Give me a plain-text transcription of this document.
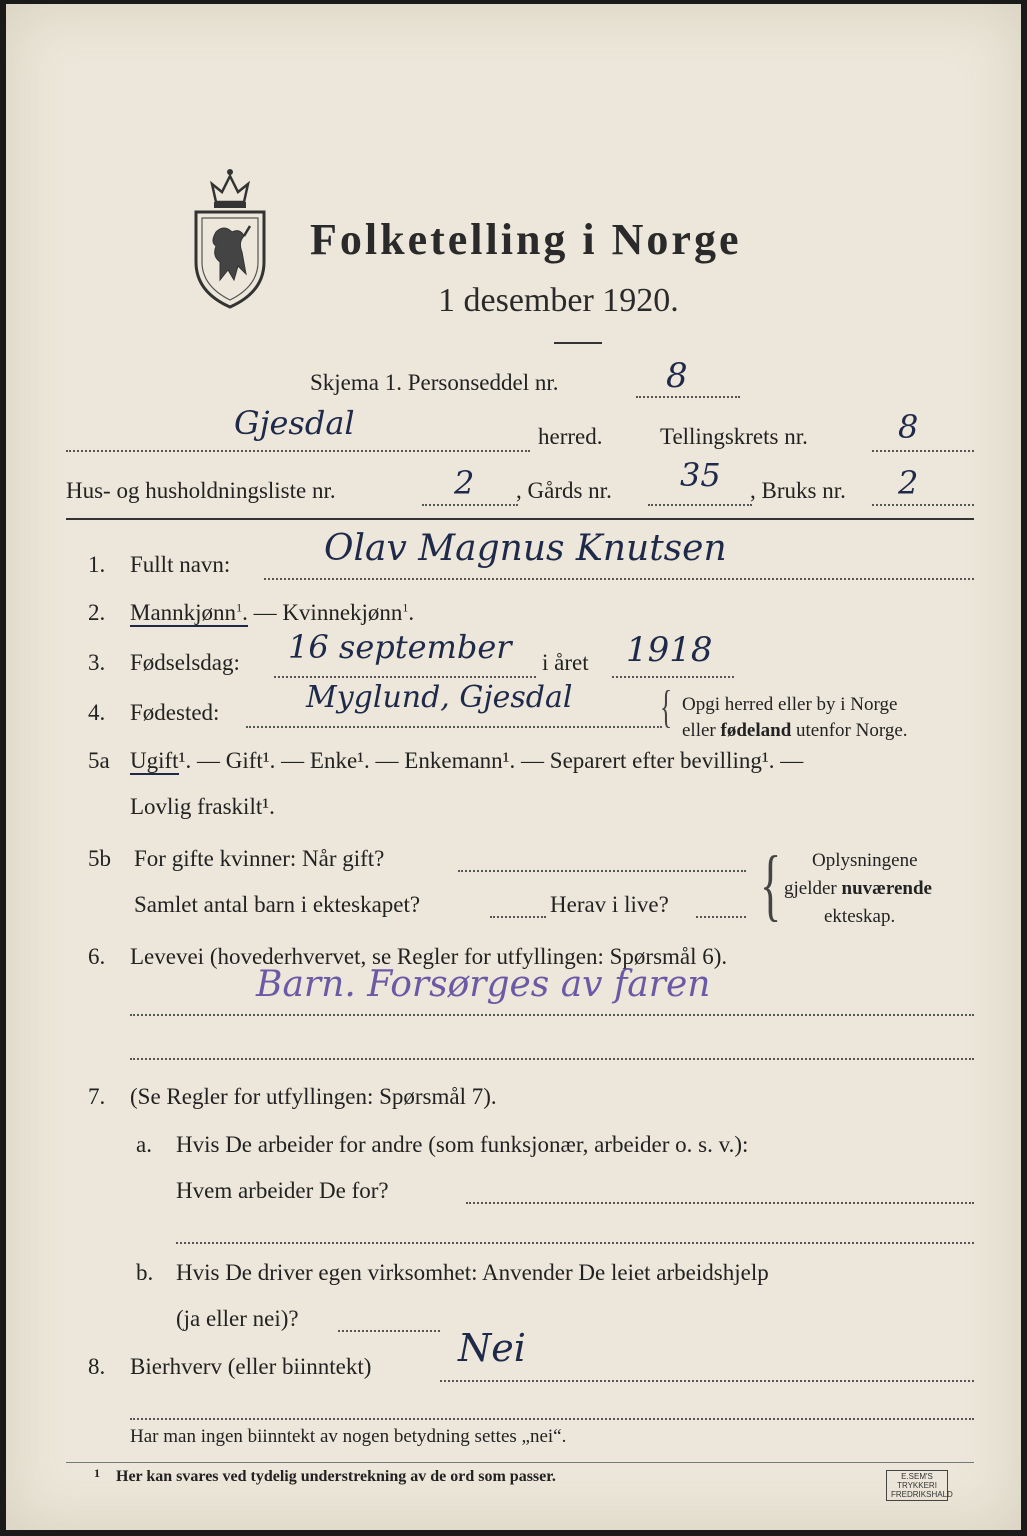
Folketelling i Norge
1 desember 1920.
Skjema 1. Personseddel nr.	8
Gjesdal	herred.	Tellingskrets nr.	8
Hus- og husholdningsliste nr.	2 , Gårds nr. 35 , Bruks nr. 2
1. Fullt navn:	Olav Magnus Knutsen
2. Mannkjønn$^1$. — Kvinnekjønn$^1$.
3. Fødselsdag: 16 september i året 1918
4. Fødested:	Myglund, Gjesdal { Opgi herred eller by i Norge
eller fødeland utenfor Norge.
5a Ugift¹. — Gift¹. — Enke¹. — Enkemann¹. — Separert efter bevilling¹. —
Lovlig fraskilt¹.
5b For gifte kvinner: Når gift?
Samlet antal barn i ekteskapet?	Herav i live? { Oplysningene
gjelder nuværende
ekteskap.
6. Levevei (hovederhvervet, se Regler for utfyllingen: Spørsmål 6).
Barn. Forsørges av faren
7. (Se Regler for utfyllingen: Spørsmål 7).
a. Hvis De arbeider for andre (som funksjonær, arbeider o. s. v.):
Hvem arbeider De for?
b. Hvis De driver egen virksomhet: Anvender De leiet arbeidshjelp
(ja eller nei)?
8. Bierhverv (eller biinntekt) Nei
Har man ingen biinntekt av nogen betydning settes „nei“.
1 Her kan svares ved tydelig understrekning av de ord som passer.	E.SEM'S TRYKKERI FREDRIKSHALD
